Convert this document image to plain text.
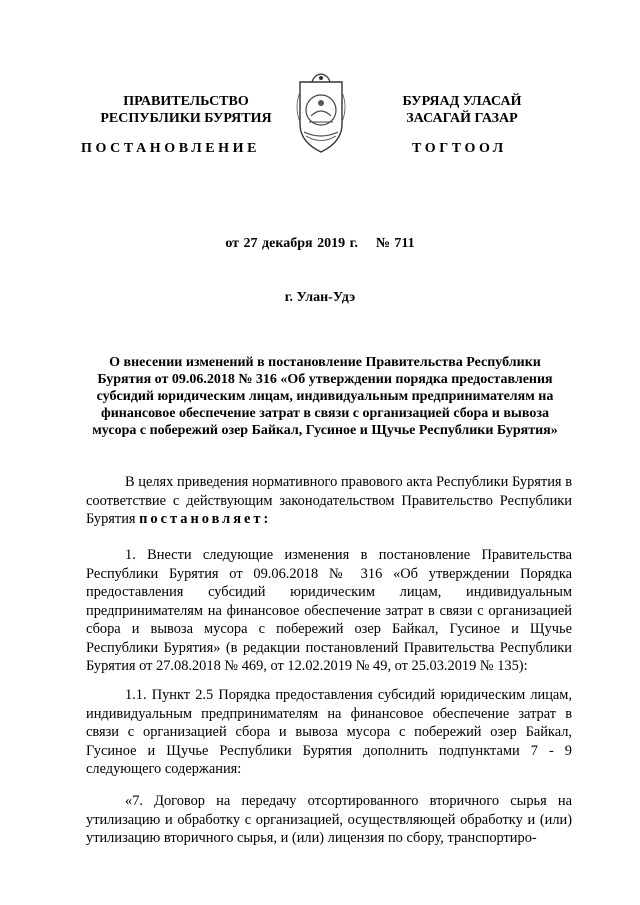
ПРАВИТЕЛЬСТВО
РЕСПУБЛИКИ БУРЯТИЯ
БУРЯАД УЛАСАЙ
ЗАСАГАЙ ГАЗАР
ПОСТАНОВЛЕНИЕ	ТОГТООЛ
от 27 декабря 2019 г.    № 711
г. Улан-Удэ
О внесении изменений в постановление Правительства Республики Бурятия от 09.06.2018 № 316 «Об утверждении порядка предоставления субсидий юридическим лицам, индивидуальным предпринимателям на финансовое обеспечение затрат в связи с организацией сбора и вывоза мусора с побережий озер Байкал, Гусиное и Щучье Республики Бурятия»
В целях приведения нормативного правового акта Республики Бурятия в соответствие с действующим законодательством Правительство Республики Бурятия постановляет:
1. Внести следующие изменения в постановление Правительства Республики Бурятия от 09.06.2018 № 316 «Об утверждении Порядка предоставления субсидий юридическим лицам, индивидуальным предпринимателям на финансовое обеспечение затрат в связи с организацией сбора и вывоза мусора с побережий озер Байкал, Гусиное и Щучье Республики Бурятия» (в редакции постановлений Правительства Республики Бурятия от 27.08.2018 № 469, от 12.02.2019 № 49, от 25.03.2019 № 135):
1.1. Пункт 2.5 Порядка предоставления субсидий юридическим лицам, индивидуальным предпринимателям на финансовое обеспечение затрат в связи с организацией сбора и вывоза мусора с побережий озер Байкал, Гусиное и Щучье Республики Бурятия дополнить подпунктами 7 - 9 следующего содержания:
«7. Договор на передачу отсортированного вторичного сырья на утилизацию и обработку с организацией, осуществляющей обработку и (или) утилизацию вторичного сырья, и (или) лицензия по сбору, транспортиро-
